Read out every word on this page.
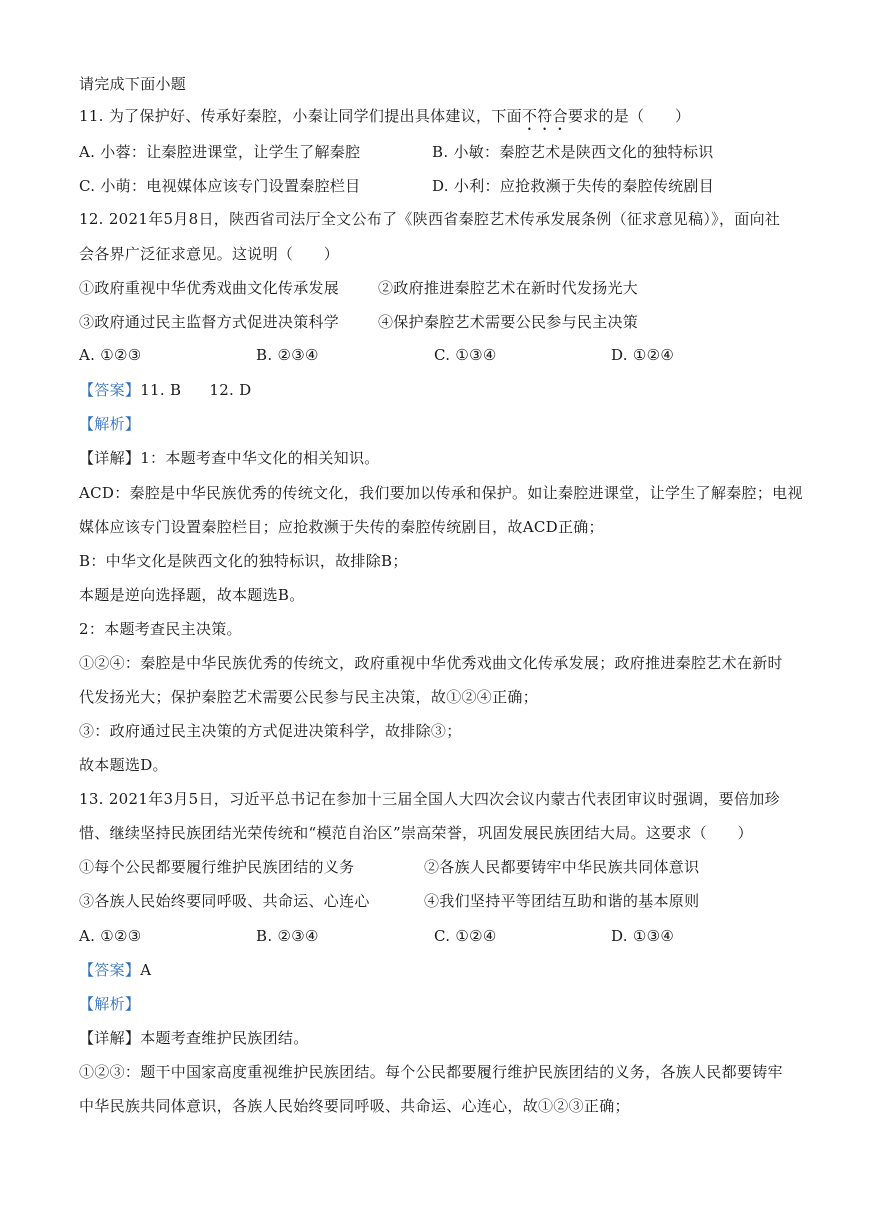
请完成下面小题
11. 为了保护好、传承好秦腔，小秦让同学们提出具体建议，下面不符合要求的是（　　）
A. 小蓉：让秦腔进课堂，让学生了解秦腔	B. 小敏：秦腔艺术是陕西文化的独特标识
C. 小萌：电视媒体应该专门设置秦腔栏目	D. 小利：应抢救濒于失传的秦腔传统剧目
12. 2021年5月8日，陕西省司法厅全文公布了《陕西省秦腔艺术传承发展条例（征求意见稿）》，面向社
会各界广泛征求意见。这说明（　　）
①政府重视中华优秀戏曲文化传承发展	②政府推进秦腔艺术在新时代发扬光大
③政府通过民主监督方式促进决策科学	④保护秦腔艺术需要公民参与民主决策
A. ①②③	B. ②③④	C. ①③④	D. ①②④
【答案】11. B 12. D
【解析】
【详解】1：本题考查中华文化的相关知识。
ACD：秦腔是中华民族优秀的传统文化，我们要加以传承和保护。如让秦腔进课堂，让学生了解秦腔；电视
媒体应该专门设置秦腔栏目；应抢救濒于失传的秦腔传统剧目，故ACD正确；
B：中华文化是陕西文化的独特标识，故排除B；
本题是逆向选择题，故本题选B。
2：本题考查民主决策。
①②④：秦腔是中华民族优秀的传统文，政府重视中华优秀戏曲文化传承发展；政府推进秦腔艺术在新时
代发扬光大；保护秦腔艺术需要公民参与民主决策，故①②④正确；
③：政府通过民主决策的方式促进决策科学，故排除③；
故本题选D。
13. 2021年3月5日，习近平总书记在参加十三届全国人大四次会议内蒙古代表团审议时强调，要倍加珍
惜、继续坚持民族团结光荣传统和“模范自治区”崇高荣誉，巩固发展民族团结大局。这要求（　　）
①每个公民都要履行维护民族团结的义务	②各族人民都要铸牢中华民族共同体意识
③各族人民始终要同呼吸、共命运、心连心	④我们坚持平等团结互助和谐的基本原则
A. ①②③	B. ②③④	C. ①②④	D. ①③④
【答案】A
【解析】
【详解】本题考查维护民族团结。
①②③：题干中国家高度重视维护民族团结。每个公民都要履行维护民族团结的义务，各族人民都要铸牢
中华民族共同体意识，各族人民始终要同呼吸、共命运、心连心，故①②③正确；
